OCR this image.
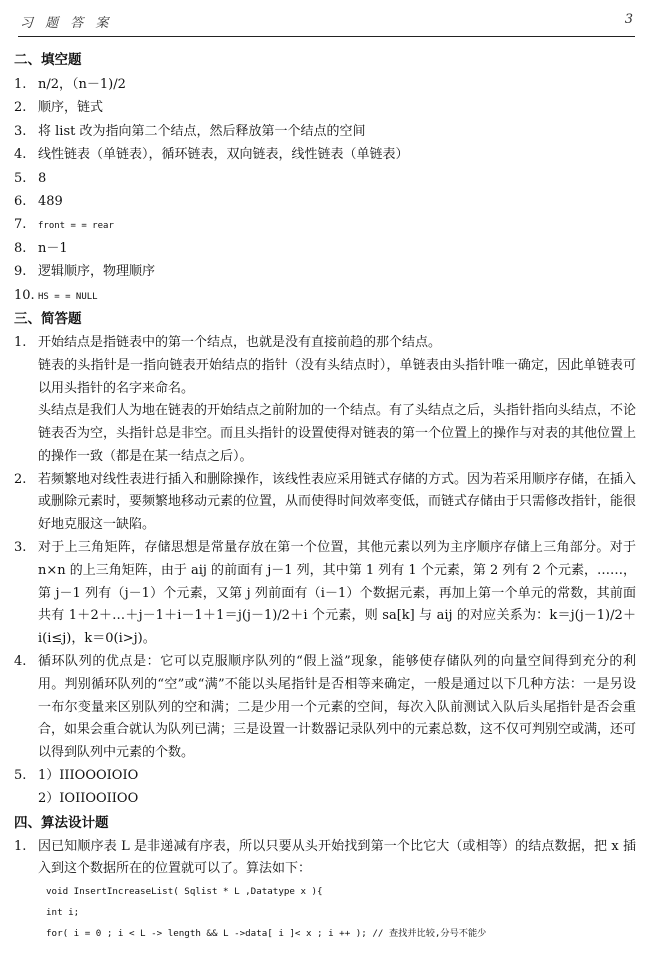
习 题 答 案	3
二、填空题
1. n/2，（n－1)/2
2. 顺序，链式
3. 将 list 改为指向第二个结点，然后释放第一个结点的空间
4. 线性链表（单链表），循环链表，双向链表，线性链表（单链表）
5. 8
6. 489
7.	front = = rear
8. n－1
9. 逻辑顺序，物理顺序
10. HS = = NULL
三、简答题
1. 开始结点是指链表中的第一个结点，也就是没有直接前趋的那个结点。
链表的头指针是一指向链表开始结点的指针（没有头结点时），单链表由头指针唯一确定，因此单链表可以用头指针的名字来命名。
头结点是我们人为地在链表的开始结点之前附加的一个结点。有了头结点之后，头指针指向头结点，不论链表否为空，头指针总是非空。而且头指针的设置使得对链表的第一个位置上的操作与对表的其他位置上的操作一致（都是在某一结点之后）。
2. 若频繁地对线性表进行插入和删除操作，该线性表应采用链式存储的方式。因为若采用顺序存储，在插入或删除元素时，要频繁地移动元素的位置，从而使得时间效率变低，而链式存储由于只需修改指针，能很好地克服这一缺陷。
3. 对于上三角矩阵，存储思想是常量存放在第一个位置，其他元素以列为主序顺序存储上三角部分。对于 n×n 的上三角矩阵，由于 aij 的前面有 j－1 列，其中第 1 列有 1 个元素，第 2 列有 2 个元素，……，第 j－1 列有（j－1）个元素，又第 j 列前面有（i－1）个数据元素，再加上第一个单元的常数，其前面共有 1＋2＋…＋j－1＋i－1＋1＝j(j－1)/2＋i 个元素，则 sa[k] 与 aij 的对应关系为：k＝j(j－1)/2＋i(i≤j)，k＝0(i>j)。
4. 循环队列的优点是：它可以克服顺序队列的“假上溢”现象，能够使存储队列的向量空间得到充分的利用。判别循环队列的“空”或“满”不能以头尾指针是否相等来确定，一般是通过以下几种方法：一是另设一布尔变量来区别队列的空和满；二是少用一个元素的空间，每次入队前测试入队后头尾指针是否会重合，如果会重合就认为队列已满；三是设置一计数器记录队列中的元素总数，这不仅可判别空或满，还可以得到队列中元素的个数。
5. 1）IIIOOOIOIO
2）IOIIOOIIOO
四、算法设计题
1. 因已知顺序表 L 是非递减有序表，所以只要从头开始找到第一个比它大（或相等）的结点数据，把 x 插入到这个数据所在的位置就可以了。算法如下：
void InsertIncreaseList( Sqlist * L ,Datatype x ){
int i;
for( i = 0 ; i < L -> length && L ->data[ i ]< x ; i ++ ); // 查找并比较,分号不能少
